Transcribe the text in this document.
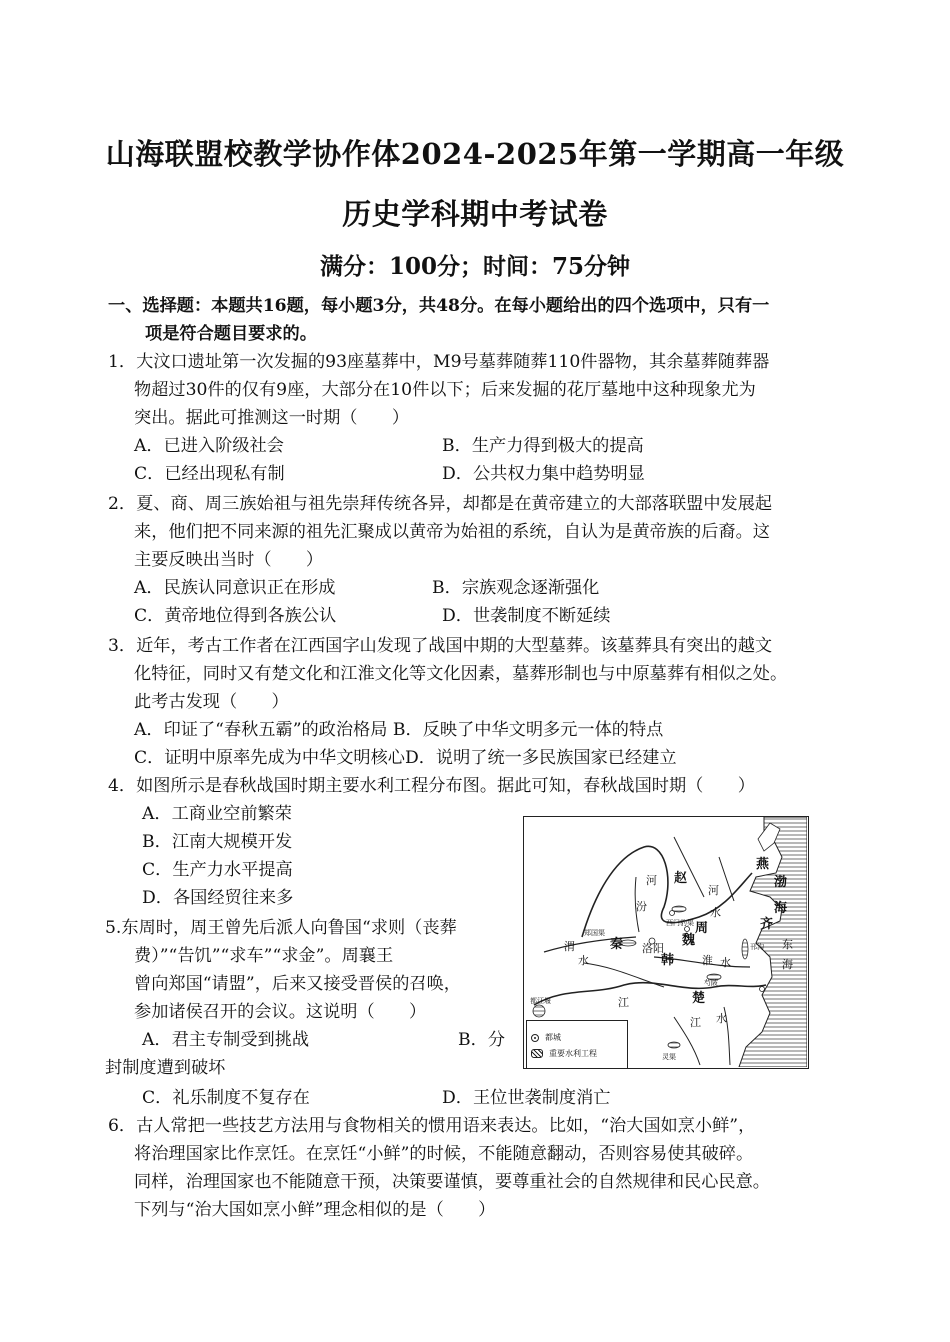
山海联盟校教学协作体2024-2025年第一学期高一年级
历史学科期中考试卷
满分：100分；时间：75分钟
一、选择题：本题共16题，每小题3分，共48分。在每小题给出的四个选项中，只有一
项是符合题目要求的。
1．大汶口遗址第一次发掘的93座墓葬中，M9号墓葬随葬110件器物，其余墓葬随葬器
物超过30件的仅有9座，大部分在10件以下；后来发掘的花厅墓地中这种现象尤为
突出。据此可推测这一时期（　　）
A．已进入阶级社会	B．生产力得到极大的提高
C．已经出现私有制	D．公共权力集中趋势明显
2．夏、商、周三族始祖与祖先崇拜传统各异，却都是在黄帝建立的大部落联盟中发展起
来，他们把不同来源的祖先汇聚成以黄帝为始祖的系统，自认为是黄帝族的后裔。这
主要反映出当时（　　）
A．民族认同意识正在形成	B．宗族观念逐渐强化
C．黄帝地位得到各族公认	D．世袭制度不断延续
3．近年，考古工作者在江西国字山发现了战国中期的大型墓葬。该墓葬具有突出的越文
化特征，同时又有楚文化和江淮文化等文化因素，墓葬形制也与中原墓葬有相似之处。
此考古发现（　　）
A．印证了“春秋五霸”的政治格局 B．反映了中华文明多元一体的特点
C．证明中原率先成为中华文明核心D．说明了统一多民族国家已经建立
4．如图所示是春秋战国时期主要水利工程分布图。据此可知，春秋战国时期（　　）
A．工商业空前繁荣
B．江南大规模开发
C．生产力水平提高
D．各国经贸往来多
5.东周时，周王曾先后派人向鲁国“求则（丧葬
费）”“告饥”“求车”“求金”。周襄王
曾向郑国“请盟”，后来又接受晋侯的召唤，
参加诸侯召开的会议。这说明（　　）
A．君主专制受到挑战	B．分
封制度遭到破坏
C．礼乐制度不复存在	D．王位世袭制度消亡
6．古人常把一些技艺方法用与食物相关的惯用语来表达。比如，“治大国如烹小鲜”，
将治理国家比作烹饪。在烹饪“小鲜”的时候，不能随意翻动，否则容易使其破碎。
同样，治理国家也不能随意干预，决策要谨慎，要尊重社会的自然规律和民心民意。
下列与“治大国如烹小鲜”理念相似的是（　　）
燕
渤
海
赵
河
河
齐
东
海
汾	水
西门豹渠 周
魏
秦
郑国渠
洛阳
韩
渭
水	淮 水
邗沟
都江堰	江	楚
江 水
芍陂
灵渠
都城
重要水利工程
